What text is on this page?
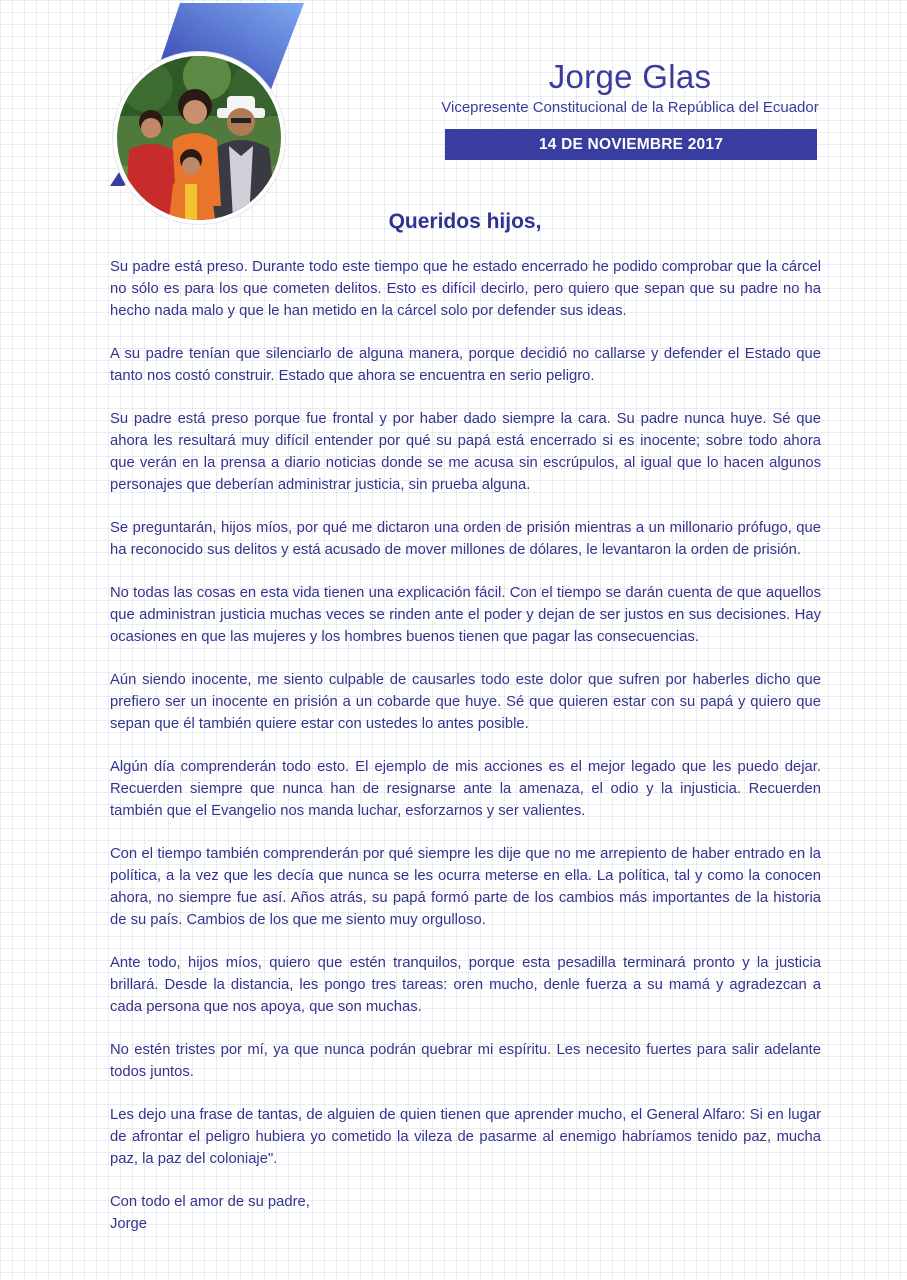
Jorge Glas
Vicepresente Constitucional de la República del Ecuador
14 DE NOVIEMBRE 2017
Queridos hijos,

Su padre está preso. Durante todo este tiempo que he estado encerrado he podido comprobar que la cárcel no sólo es para los que cometen delitos. Esto es difícil decirlo, pero quiero que sepan que su padre no ha hecho nada malo y que le han metido en la cárcel solo por defender sus ideas.

A su padre tenían que silenciarlo de alguna manera, porque decidió no callarse y defender el Estado que tanto nos costó construir. Estado que ahora se encuentra en serio peligro.

Su padre está preso porque fue frontal y por haber dado siempre la cara. Su padre nunca huye. Sé que ahora les resultará muy difícil entender por qué su papá está encerrado si es inocente; sobre todo ahora que verán en la prensa a diario noticias donde se me acusa sin escrúpulos, al igual que lo hacen algunos personajes que deberían administrar justicia, sin prueba alguna.

Se preguntarán, hijos míos, por qué me dictaron una orden de prisión mientras a un millonario prófugo, que ha reconocido sus delitos y está acusado de mover millones de dólares, le levantaron la orden de prisión.

No todas las cosas en esta vida tienen una explicación fácil. Con el tiempo se darán cuenta de que aquellos que administran justicia muchas veces se rinden ante el poder y dejan de ser justos en sus decisiones. Hay ocasiones en que las mujeres y los hombres buenos tienen que pagar las consecuencias.

Aún siendo inocente, me siento culpable de causarles todo este dolor que sufren por haberles dicho que prefiero ser un inocente en prisión a un cobarde que huye. Sé que quieren estar con su papá y quiero que sepan que él también quiere estar con ustedes lo antes posible.

Algún día comprenderán todo esto. El ejemplo de mis acciones es el mejor legado que les puedo dejar. Recuerden siempre que nunca han de resignarse ante la amenaza, el odio y la injusticia. Recuerden también que el Evangelio nos manda luchar, esforzarnos y ser valientes.

Con el tiempo también comprenderán por qué siempre les dije que no me arrepiento de haber entrado en la política, a la vez que les decía que nunca se les ocurra meterse en ella. La política, tal y como la conocen ahora, no siempre fue así. Años atrás, su papá formó parte de los cambios más importantes de la historia de su país. Cambios de los que me siento muy orgulloso.

Ante todo, hijos míos, quiero que estén tranquilos, porque esta pesadilla terminará pronto y la justicia brillará. Desde la distancia, les pongo tres tareas: oren mucho, denle fuerza a su mamá y agradezcan a cada persona que nos apoya, que son muchas.

No estén tristes por mí, ya que nunca podrán quebrar mi espíritu. Les necesito fuertes para salir adelante todos juntos.

Les dejo una frase de tantas, de alguien de quien tienen que aprender mucho, el General Alfaro: Si en lugar de afrontar el peligro hubiera yo cometido la vileza de pasarme al enemigo habríamos tenido paz, mucha paz, la paz del coloniaje".

Con todo el amor de su padre,
Jorge
